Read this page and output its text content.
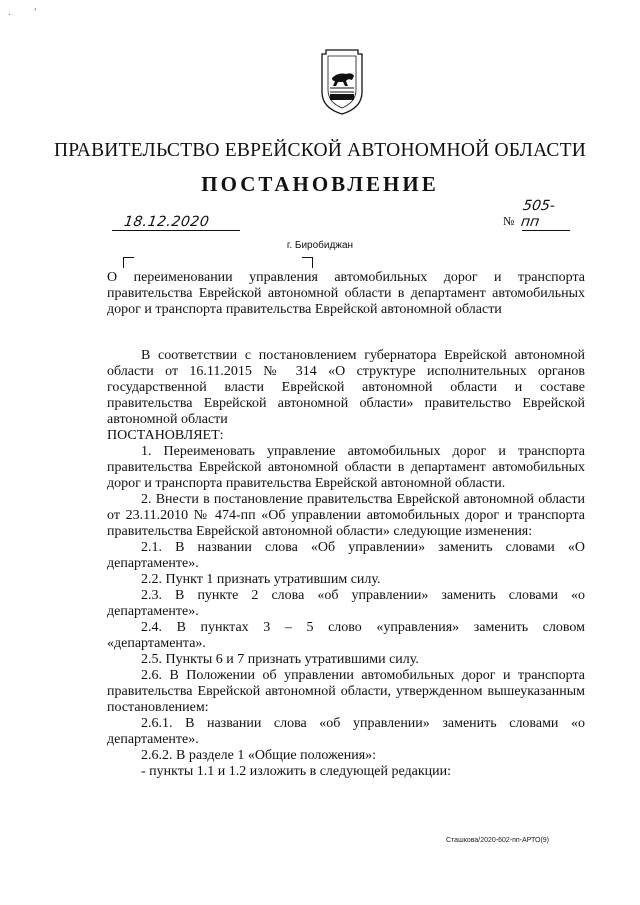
.        ʼ
ПРАВИТЕЛЬСТВО ЕВРЕЙСКОЙ АВТОНОМНОЙ ОБЛАСТИ
ПОСТАНОВЛЕНИЕ
18.12.2020	№
505-пп
г. Биробиджан
О переименовании управления автомобильных дорог и транспорта правительства Еврейской автономной области в департамент автомобильных дорог и транспорта правительства Еврейской автономной области

В соответствии с постановлением губернатора Еврейской автономной области от 16.11.2015 № 314 «О структуре исполнительных органов государственной власти Еврейской автономной области и составе правительства Еврейской автономной области» правительство Еврейской автономной области

ПОСТАНОВЛЯЕТ:

1. Переименовать управление автомобильных дорог и транспорта правительства Еврейской автономной области в департамент автомобильных дорог и транспорта правительства Еврейской автономной области.

2. Внести в постановление правительства Еврейской автономной области от 23.11.2010 № 474-пп «Об управлении автомобильных дорог и транспорта правительства Еврейской автономной области» следующие изменения:

2.1. В названии слова «Об управлении» заменить словами «О департаменте».

2.2. Пункт 1 признать утратившим силу.

2.3. В пункте 2 слова «об управлении» заменить словами «о департаменте».

2.4. В пунктах 3 – 5 слово «управления» заменить словом «департамента».

2.5. Пункты 6 и 7 признать утратившими силу.

2.6. В Положении об управлении автомобильных дорог и транспорта правительства Еврейской автономной области, утвержденном вышеуказанным постановлением:

2.6.1. В названии слова «об управлении» заменить словами «о департаменте».

2.6.2. В разделе 1 «Общие положения»:

- пункты 1.1 и 1.2 изложить в следующей редакции:

Сташкова/2020-602-пп-АРТО(9)
